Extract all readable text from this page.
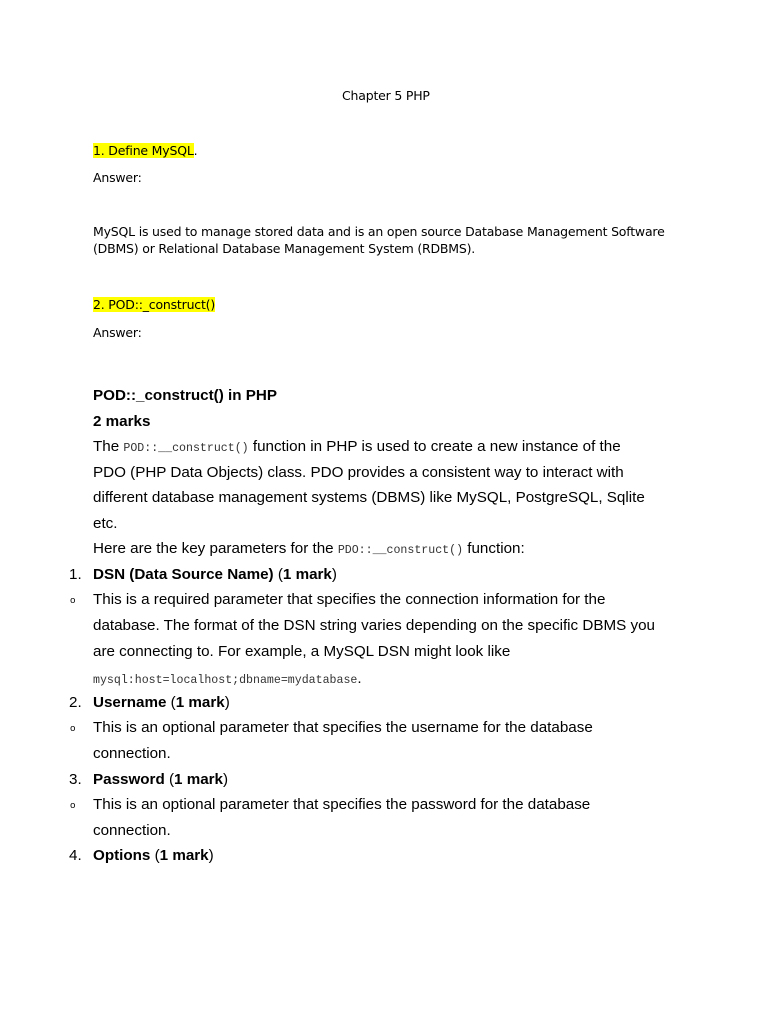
Chapter 5 PHP
1. Define MySQL.
Answer:
MySQL is used to manage stored data and is an open source Database Management Software
(DBMS) or Relational Database Management System (RDBMS).
2. POD::_construct()
Answer:
POD::_construct() in PHP
2 marks
The POD::__construct() function in PHP is used to create a new instance of the
PDO (PHP Data Objects) class. PDO provides a consistent way to interact with
different database management systems (DBMS) like MySQL, PostgreSQL, Sqlite
etc.
Here are the key parameters for the PDO::__construct() function:
1. DSN (Data Source Name) (1 mark)
o This is a required parameter that specifies the connection information for the
database. The format of the DSN string varies depending on the specific DBMS you
are connecting to. For example, a MySQL DSN might look like
mysql:host=localhost;dbname=mydatabase.
2. Username (1 mark)
o This is an optional parameter that specifies the username for the database
connection.
3. Password (1 mark)
o This is an optional parameter that specifies the password for the database
connection.
4. Options (1 mark)
